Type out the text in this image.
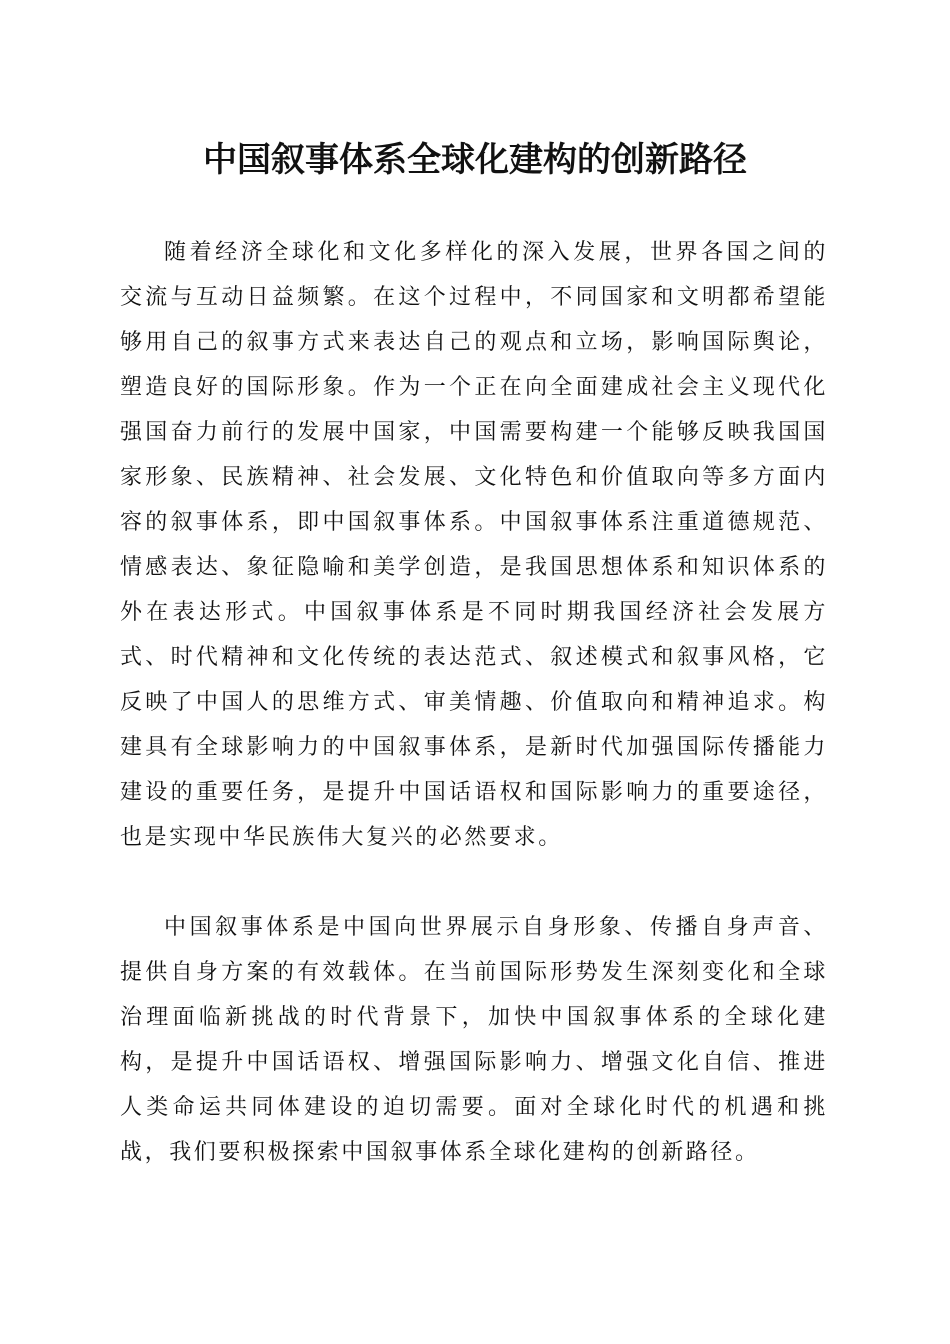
中国叙事体系全球化建构的创新路径

随着经济全球化和文化多样化的深入发展，世界各国之间的交流与互动日益频繁。在这个过程中，不同国家和文明都希望能够用自己的叙事方式来表达自己的观点和立场，影响国际舆论，塑造良好的国际形象。作为一个正在向全面建成社会主义现代化强国奋力前行的发展中国家，中国需要构建一个能够反映我国国家形象、民族精神、社会发展、文化特色和价值取向等多方面内容的叙事体系，即中国叙事体系。中国叙事体系注重道德规范、情感表达、象征隐喻和美学创造，是我国思想体系和知识体系的外在表达形式。中国叙事体系是不同时期我国经济社会发展方式、时代精神和文化传统的表达范式、叙述模式和叙事风格，它反映了中国人的思维方式、审美情趣、价值取向和精神追求。构建具有全球影响力的中国叙事体系，是新时代加强国际传播能力建设的重要任务，是提升中国话语权和国际影响力的重要途径，也是实现中华民族伟大复兴的必然要求。

中国叙事体系是中国向世界展示自身形象、传播自身声音、提供自身方案的有效载体。在当前国际形势发生深刻变化和全球治理面临新挑战的时代背景下，加快中国叙事体系的全球化建构，是提升中国话语权、增强国际影响力、增强文化自信、推进人类命运共同体建设的迫切需要。面对全球化时代的机遇和挑战，我们要积极探索中国叙事体系全球化建构的创新路径。
